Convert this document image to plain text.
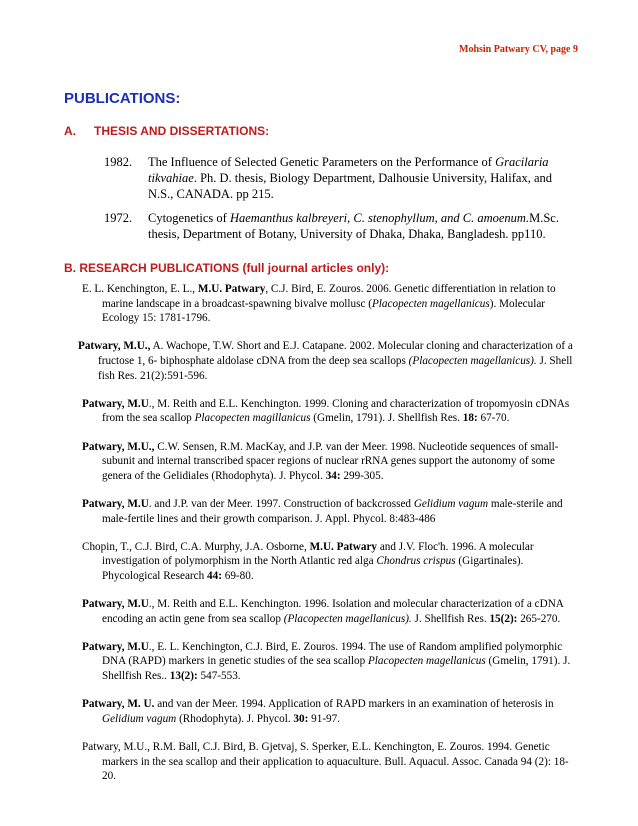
Mohsin Patwary CV, page 9
PUBLICATIONS:
A. THESIS AND DISSERTATIONS:
1982. The Influence of Selected Genetic Parameters on the Performance of Gracilaria tikvahiae. Ph. D. thesis, Biology Department, Dalhousie University, Halifax, and N.S., CANADA. pp 215.
1972. Cytogenetics of Haemanthus kalbreyeri, C. stenophyllum, and C. amoenum.M.Sc. thesis, Department of Botany, University of Dhaka, Dhaka, Bangladesh. pp110.
B. RESEARCH PUBLICATIONS (full journal articles only):

E. L. Kenchington, E. L., M.U. Patwary, C.J. Bird, E. Zouros. 2006. Genetic differentiation in relation to marine landscape in a broadcast-spawning bivalve mollusc (Placopecten magellanicus). Molecular Ecology 15: 1781-1796.

Patwary, M.U., A. Wachope, T.W. Short and E.J. Catapane. 2002. Molecular cloning and characterization of a fructose 1, 6- biphosphate aldolase cDNA from the deep sea scallops (Placopecten magellanicus). J. Shell fish Res. 21(2):591-596.

Patwary, M.U., M. Reith and E.L. Kenchington. 1999. Cloning and characterization of tropomyosin cDNAs from the sea scallop Placopecten magillanicus (Gmelin, 1791). J. Shellfish Res. 18: 67-70.

Patwary, M.U., C.W. Sensen, R.M. MacKay, and J.P. van der Meer. 1998. Nucleotide sequences of small-subunit and internal transcribed spacer regions of nuclear rRNA genes support the autonomy of some genera of the Gelidiales (Rhodophyta). J. Phycol. 34: 299-305.

Patwary, M.U. and J.P. van der Meer. 1997. Construction of backcrossed Gelidium vagum male-sterile and male-fertile lines and their growth comparison. J. Appl. Phycol. 8:483-486

Chopin, T., C.J. Bird, C.A. Murphy, J.A. Osborne, M.U. Patwary and J.V. Floc'h. 1996. A molecular investigation of polymorphism in the North Atlantic red alga Chondrus crispus (Gigartinales). Phycological Research 44: 69-80.

Patwary, M.U., M. Reith and E.L. Kenchington. 1996. Isolation and molecular characterization of a cDNA encoding an actin gene from sea scallop (Placopecten magellanicus). J. Shellfish Res. 15(2): 265-270.

Patwary, M.U., E. L. Kenchington, C.J. Bird, E. Zouros. 1994. The use of Random amplified polymorphic DNA (RAPD) markers in genetic studies of the sea scallop Placopecten magellanicus (Gmelin, 1791). J. Shellfish Res.. 13(2): 547-553.

Patwary, M. U. and van der Meer. 1994. Application of RAPD markers in an examination of heterosis in Gelidium vagum (Rhodophyta). J. Phycol. 30: 91-97.

Patwary, M.U., R.M. Ball, C.J. Bird, B. Gjetvaj, S. Sperker, E.L. Kenchington, E. Zouros. 1994. Genetic markers in the sea scallop and their application to aquaculture. Bull. Aquacul. Assoc. Canada 94 (2): 18-20.
